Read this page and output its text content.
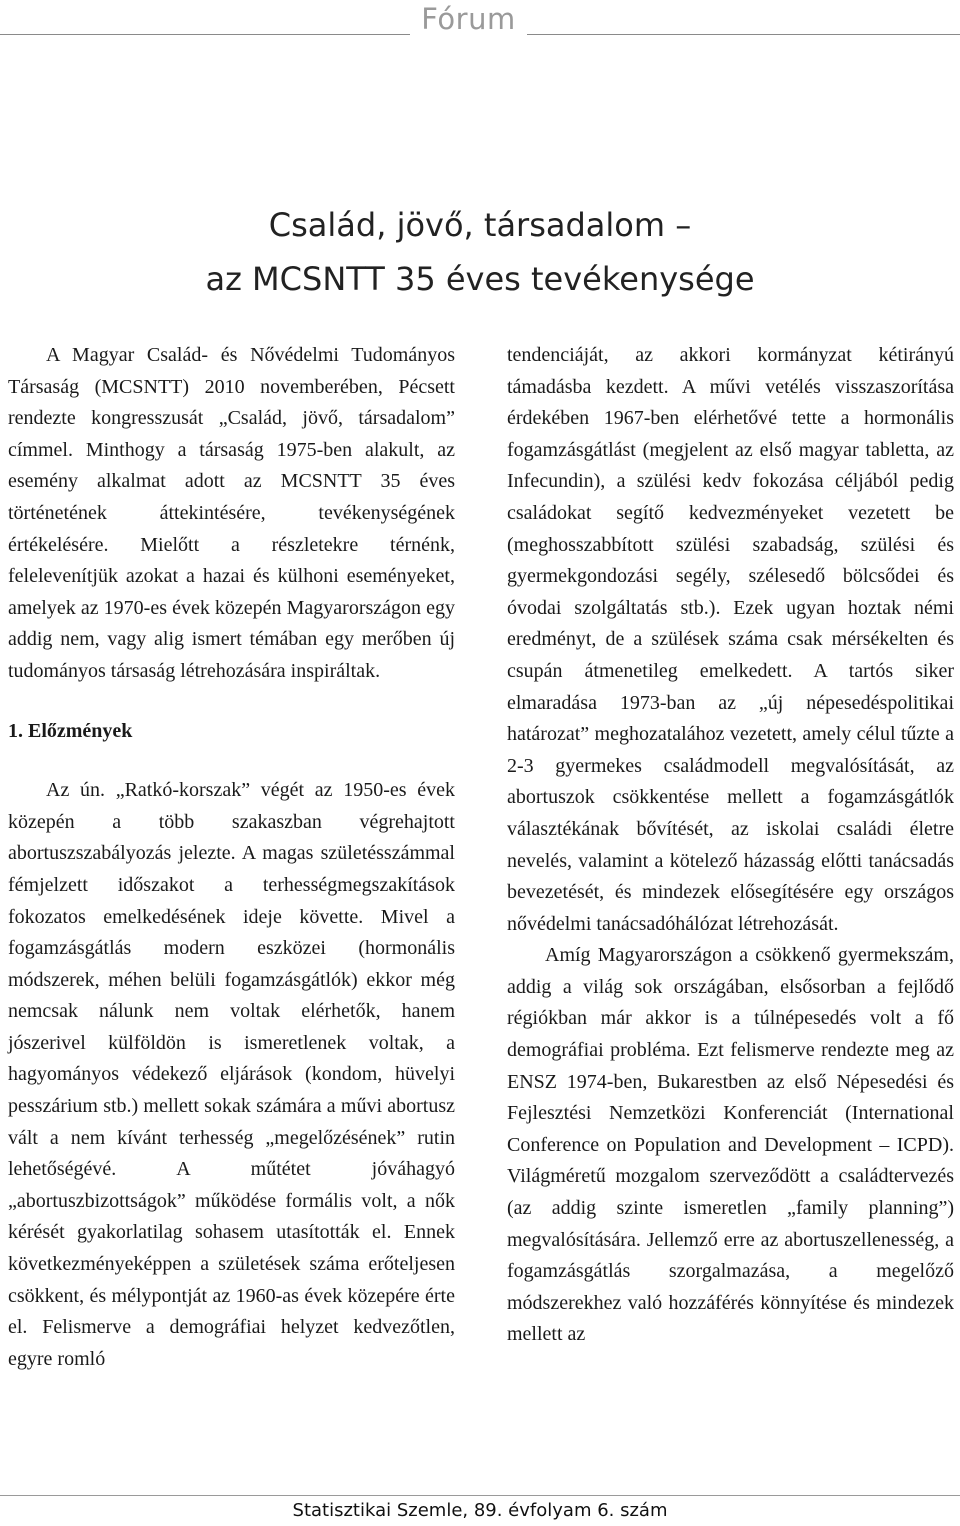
Fórum
Család, jövő, társadalom –
az MCSNTT 35 éves tevékenysége

A Magyar Család- és Nővédelmi Tudományos Társaság (MCSNTT) 2010 novemberében, Pécsett rendezte kongresszusát „Család, jövő, társadalom” címmel. Minthogy a társaság 1975-ben alakult, az esemény alkalmat adott az MCSNTT 35 éves történetének áttekintésére, tevékenységének értékelésére. Mielőtt a részletekre térnénk, felelevenítjük azokat a hazai és külhoni eseményeket, amelyek az 1970-es évek közepén Magyarországon egy addig nem, vagy alig ismert témában egy merőben új tudományos társaság létrehozására inspiráltak.

1. Előzmények

Az ún. „Ratkó-korszak” végét az 1950-es évek közepén a több szakaszban végrehajtott abortuszszabályozás jelezte. A magas születésszámmal fémjelzett időszakot a terhességmegszakítások fokozatos emelkedésének ideje követte. Mivel a fogamzásgátlás modern eszközei (hormonális módszerek, méhen belüli fogamzásgátlók) ekkor még nemcsak nálunk nem voltak elérhetők, hanem jószerivel külföldön is ismeretlenek voltak, a hagyományos védekező eljárások (kondom, hüvelyi pesszárium stb.) mellett sokak számára a művi abortusz vált a nem kívánt terhesség „megelőzésének” rutin lehetőségévé. A műtétet jóváhagyó „abortuszbizottságok” működése formális volt, a nők kérését gyakorlatilag sohasem utasították el. Ennek következményeképpen a születések száma erőteljesen csökkent, és mélypontját az 1960-as évek közepére érte el. Felismerve a demográfiai helyzet kedvezőtlen, egyre romló

tendenciáját, az akkori kormányzat kétirányú támadásba kezdett. A művi vetélés visszaszorítása érdekében 1967-ben elérhetővé tette a hormonális fogamzásgátlást (megjelent az első magyar tabletta, az Infecundin), a szülési kedv fokozása céljából pedig családokat segítő kedvezményeket vezetett be (meghosszabbított szülési szabadság, szülési és gyermekgondozási segély, szélesedő bölcsődei és óvodai szolgáltatás stb.). Ezek ugyan hoztak némi eredményt, de a szülések száma csak mérsékelten és csupán átmenetileg emelkedett. A tartós siker elmaradása 1973-ban az „új népesedéspolitikai határozat” meghozatalához vezetett, amely célul tűzte a 2-3 gyermekes családmodell megvalósítását, az abortuszok csökkentése mellett a fogamzásgátlók választékának bővítését, az iskolai családi életre nevelés, valamint a kötelező házasság előtti tanácsadás bevezetését, és mindezek elősegítésére egy országos nővédelmi tanácsadóhálózat létrehozását.

Amíg Magyarországon a csökkenő gyermekszám, addig a világ sok országában, elsősorban a fejlődő régiókban már akkor is a túlnépesedés volt a fő demográfiai probléma. Ezt felismerve rendezte meg az ENSZ 1974-ben, Bukarestben az első Népesedési és Fejlesztési Nemzetközi Konferenciát (International Conference on Population and Development – ICPD). Világméretű mozgalom szerveződött a családtervezés (az addig szinte ismeretlen „family planning”) megvalósítására. Jellemző erre az abortuszellenesség, a fogamzásgátlás szorgalmazása, a megelőző módszerekhez való hozzáférés könnyítése és mindezek mellett az

Statisztikai Szemle, 89. évfolyam 6. szám
